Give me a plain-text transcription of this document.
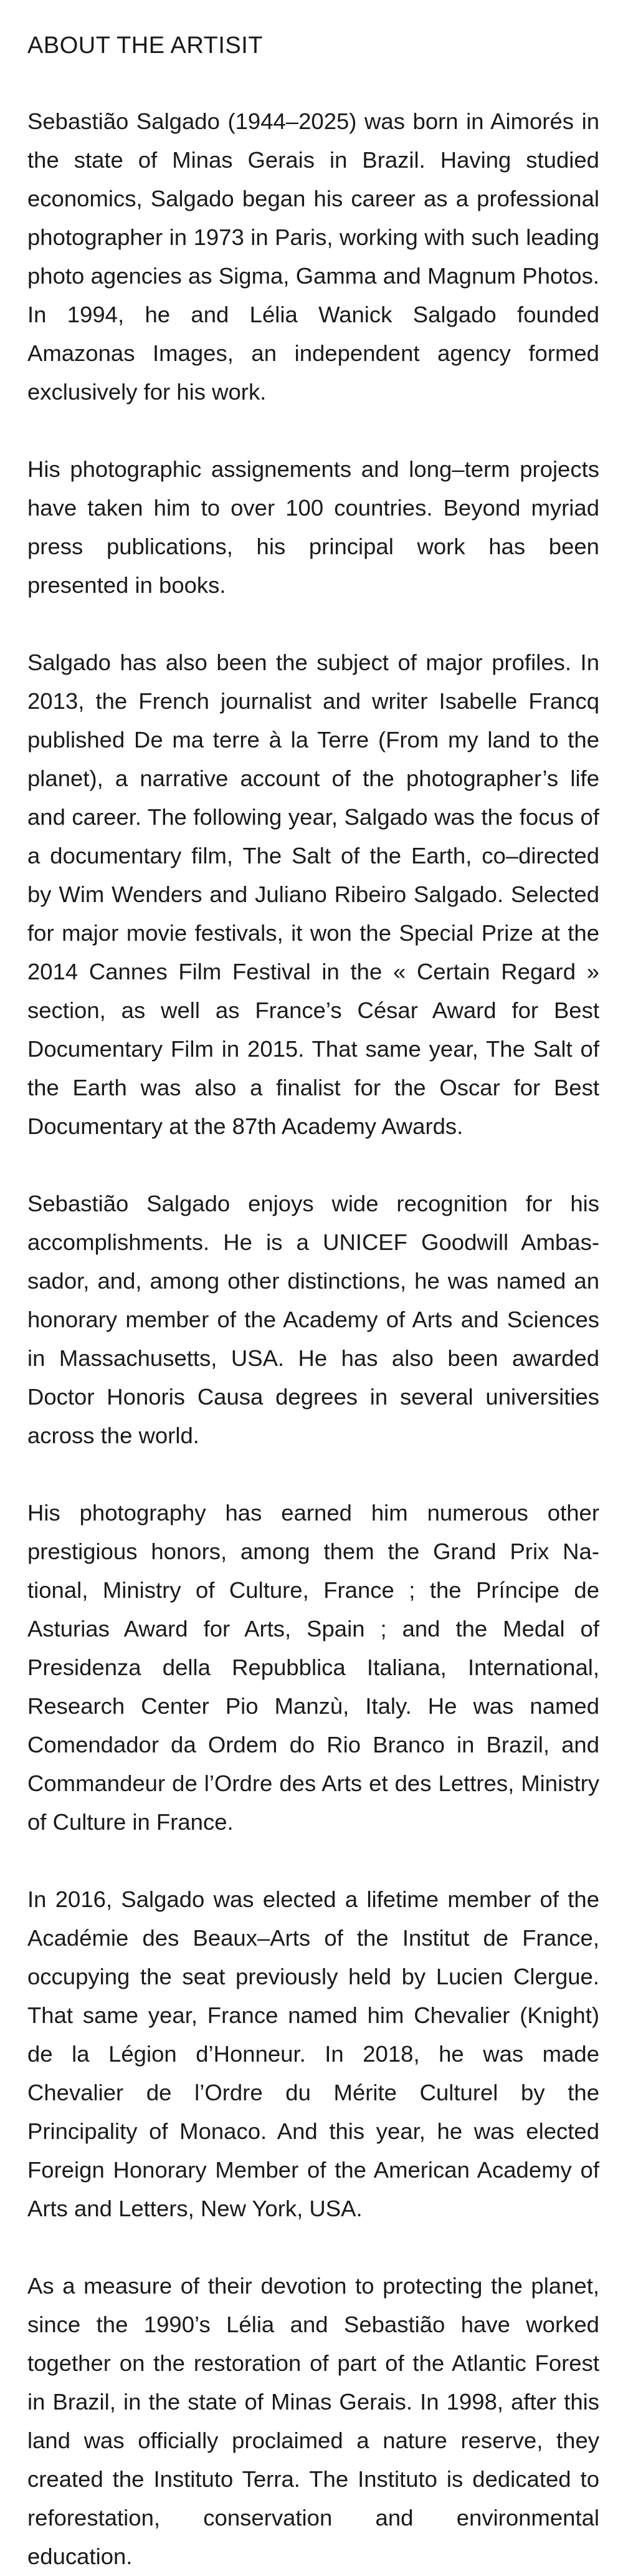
ABOUT THE ARTISIT

Sebastião Salgado (1944–2025) was born in Aimorés in the state of Minas Gerais in Brazil. Having studied economics, Salgado began his career as a professional photographer in 1973 in Paris, working with such leading photo agencies as Sigma, Gamma and Magnum Photos. In 1994, he and Lélia Wanick Salgado founded Amazonas Images, an independent agency formed exclusively for his work.

His photographic assignements and long–term projects have taken him to over 100 countries. Beyond myriad press publications, his principal work has been presented in books.

Salgado has also been the subject of major profiles. In 2013, the French journalist and writer Isabelle Francq published De ma terre à la Terre (From my land to the planet), a narrative account of the photographer’s life and career. The following year, Salgado was the focus of a documentary film, The Salt of the Earth, co–directed by Wim Wenders and Juliano Ribeiro Salgado. Selected for major movie festivals, it won the Special Prize at the 2014 Cannes Film Festival in the « Certain Regard » section, as well as France’s César Award for Best Documentary Film in 2015. That same year, The Salt of the Earth was also a finalist for the Oscar for Best Documentary at the 87th Academy Awards.

Sebastião Salgado enjoys wide recognition for his accomplishments. He is a UNICEF Goodwill Ambassador, and, among other distinctions, he was named an honorary member of the Academy of Arts and Sciences in Massachusetts, USA. He has also been awarded Doctor Honoris Causa degrees in several universities across the world.

His photography has earned him numerous other prestigious honors, among them the Grand Prix National, Ministry of Culture, France ; the Príncipe de Asturias Award for Arts, Spain ; and the Medal of Presidenza della Repubblica Italiana, International, Research Center Pio Manzù, Italy. He was named Comendador da Ordem do Rio Branco in Brazil, and Commandeur de l’Ordre des Arts et des Lettres, Ministry of Culture in France.

In 2016, Salgado was elected a lifetime member of the Académie des Beaux–Arts of the Institut de France, occupying the seat previously held by Lucien Clergue. That same year, France named him Chevalier (Knight) de la Légion d’Honneur. In 2018, he was made Chevalier de l’Ordre du Mérite Culturel by the Principality of Monaco. And this year, he was elected Foreign Honorary Member of the American Academy of Arts and Letters, New York, USA.

As a measure of their devotion to protecting the planet, since the 1990’s Lélia and Sebastião have worked together on the restoration of part of the Atlantic Forest in Brazil, in the state of Minas Gerais. In 1998, after this land was officially proclaimed a nature reserve, they created the Instituto Terra. The Instituto is dedicated to reforestation, conservation and environmental education.
